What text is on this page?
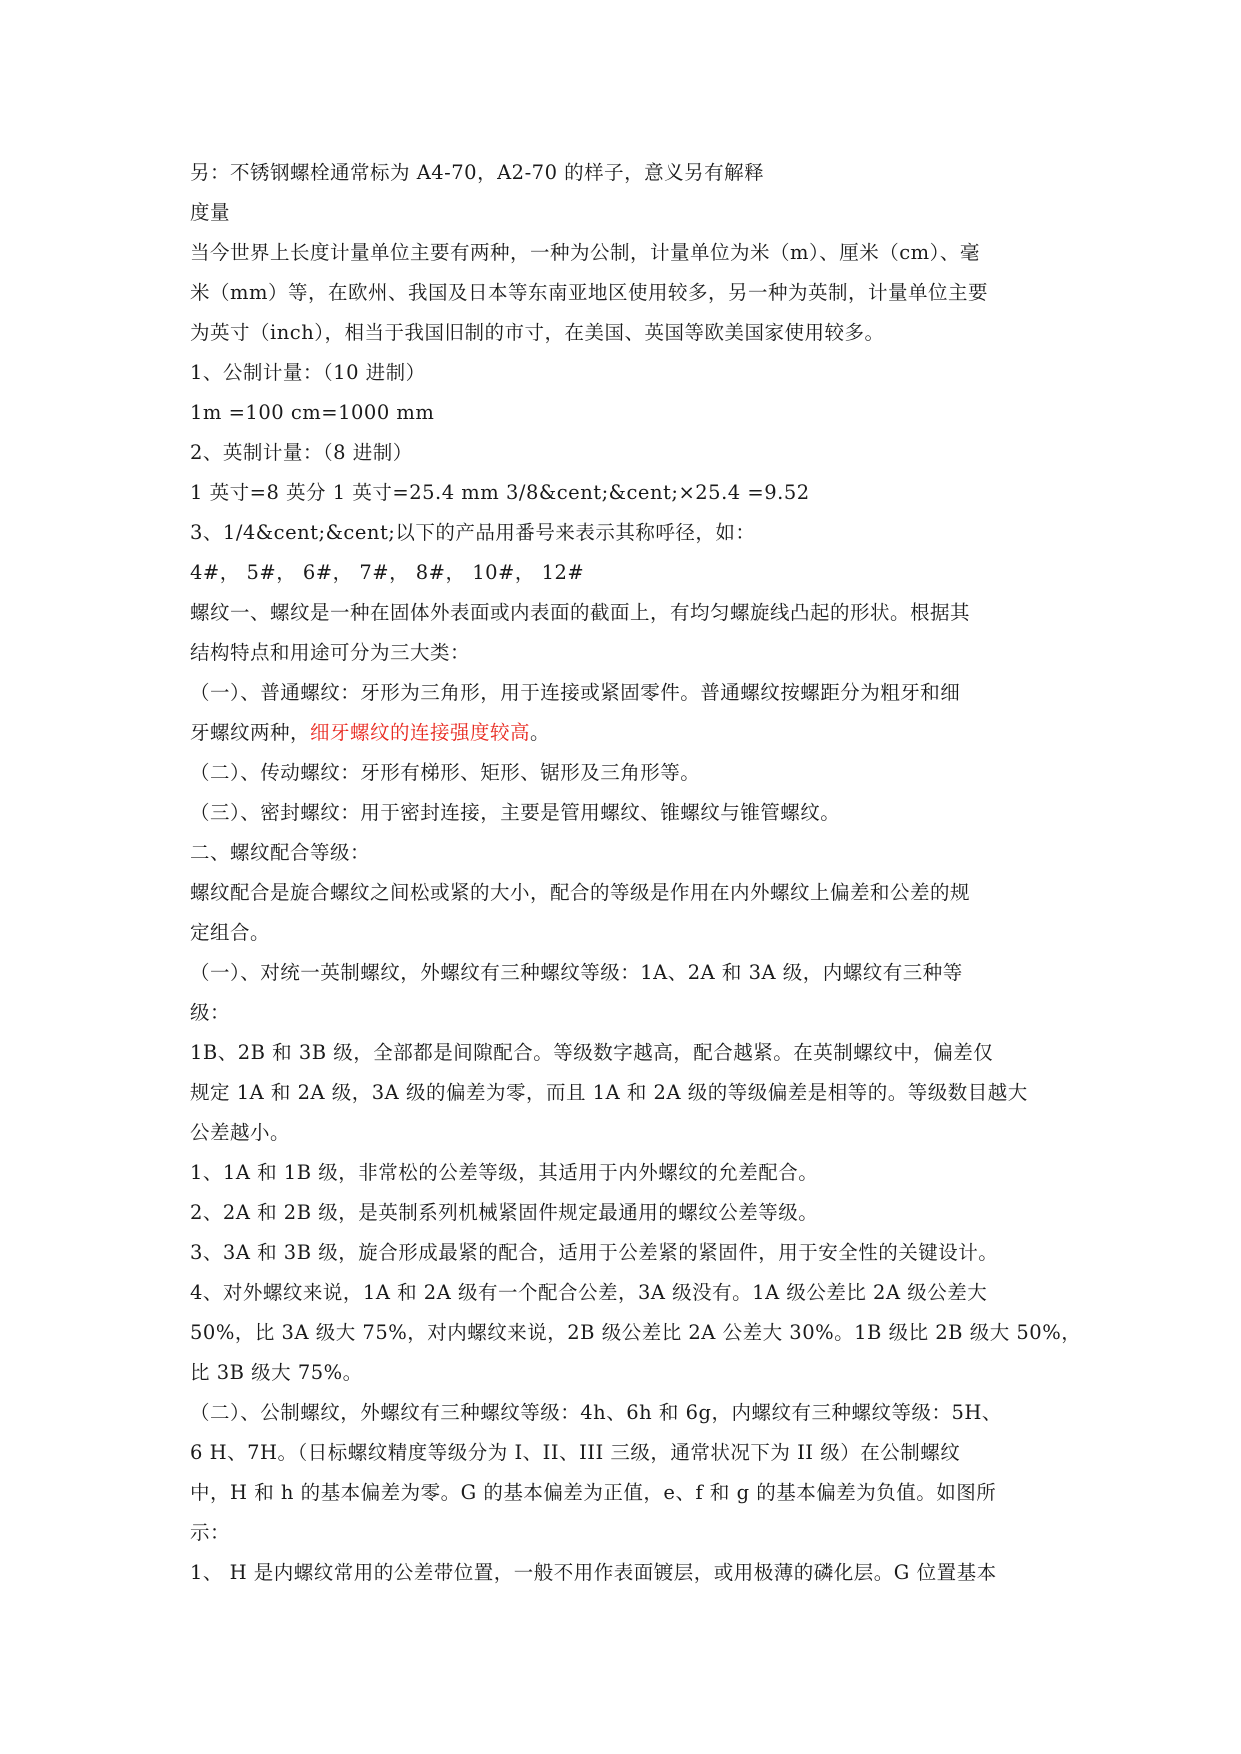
另：不锈钢螺栓通常标为 A4-70，A2-70 的样子，意义另有解释
度量
当今世界上长度计量单位主要有两种，一种为公制，计量单位为米（m）、厘米（cm）、毫
米（mm）等，在欧州、我国及日本等东南亚地区使用较多，另一种为英制，计量单位主要
为英寸（inch），相当于我国旧制的市寸，在美国、英国等欧美国家使用较多。
1、公制计量：（10 进制）
1m =100 cm=1000 mm
2、英制计量：（8 进制）
1 英寸=8 英分 1 英寸=25.4 mm 3/8&cent;&cent;×25.4 =9.52
3、1/4&cent;&cent;以下的产品用番号来表示其称呼径，如：
4#， 5#， 6#， 7#， 8#， 10#， 12#
螺纹一、螺纹是一种在固体外表面或内表面的截面上，有均匀螺旋线凸起的形状。根据其
结构特点和用途可分为三大类：
（一）、普通螺纹：牙形为三角形，用于连接或紧固零件。普通螺纹按螺距分为粗牙和细
牙螺纹两种，细牙螺纹的连接强度较高。
（二）、传动螺纹：牙形有梯形、矩形、锯形及三角形等。
（三）、密封螺纹：用于密封连接，主要是管用螺纹、锥螺纹与锥管螺纹。
二、螺纹配合等级：
螺纹配合是旋合螺纹之间松或紧的大小，配合的等级是作用在内外螺纹上偏差和公差的规
定组合。
（一）、对统一英制螺纹，外螺纹有三种螺纹等级：1A、2A 和 3A 级，内螺纹有三种等
级：
1B、2B 和 3B 级，全部都是间隙配合。等级数字越高，配合越紧。在英制螺纹中，偏差仅
规定 1A 和 2A 级，3A 级的偏差为零，而且 1A 和 2A 级的等级偏差是相等的。等级数目越大
公差越小。
1、1A 和 1B 级，非常松的公差等级，其适用于内外螺纹的允差配合。
2、2A 和 2B 级，是英制系列机械紧固件规定最通用的螺纹公差等级。
3、3A 和 3B 级，旋合形成最紧的配合，适用于公差紧的紧固件，用于安全性的关键设计。
4、对外螺纹来说，1A 和 2A 级有一个配合公差，3A 级没有。1A 级公差比 2A 级公差大
50%，比 3A 级大 75%，对内螺纹来说，2B 级公差比 2A 公差大 30%。1B 级比 2B 级大 50%，
比 3B 级大 75%。
（二）、公制螺纹，外螺纹有三种螺纹等级：4h、6h 和 6g，内螺纹有三种螺纹等级：5H、
6 H、7H。（日标螺纹精度等级分为 I、II、III 三级，通常状况下为 II 级）在公制螺纹
中，H 和 h 的基本偏差为零。G 的基本偏差为正值，e、f 和 g 的基本偏差为负值。如图所
示：
1、 H 是内螺纹常用的公差带位置，一般不用作表面镀层，或用极薄的磷化层。G 位置基本
